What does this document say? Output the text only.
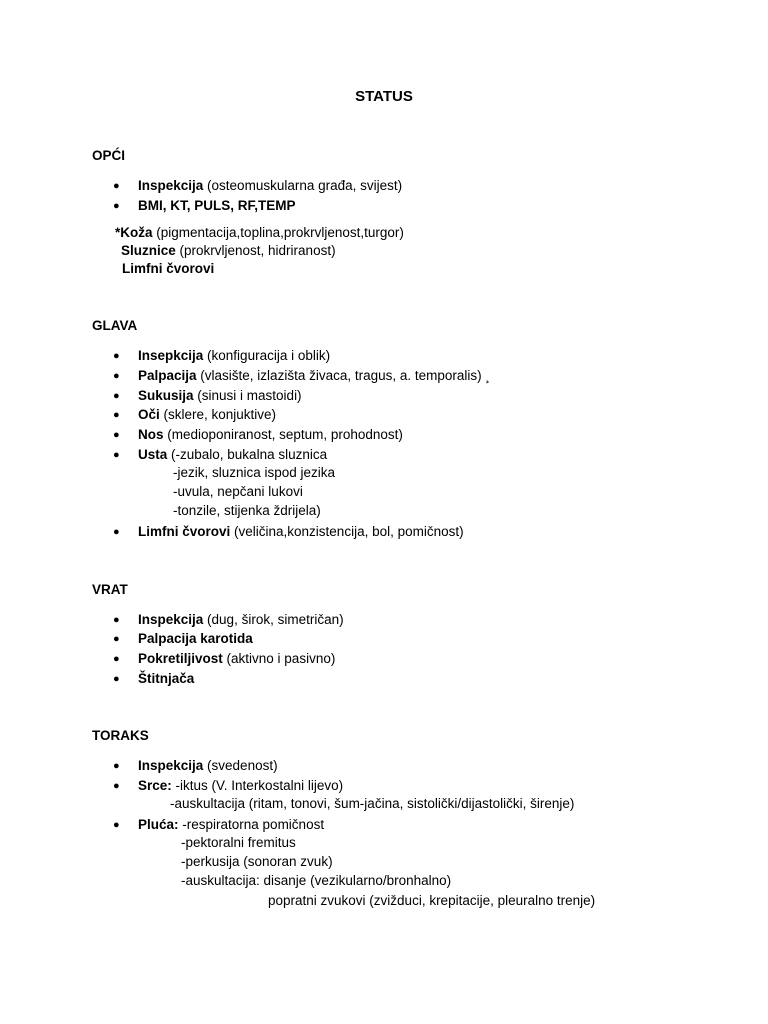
STATUS
OPĆI
● Inspekcija (osteomuskularna građa, svijest)
● BMI, KT, PULS, RF,TEMP
*Koža (pigmentacija,toplina,prokrvljenost,turgor)
Sluznice (prokrvljenost, hidriranost)
Limfni čvorovi
GLAVA
● Insepkcija (konfiguracija i oblik)
● Palpacija (vlasište, izlazišta živaca, tragus, a. temporalis) ¸
● Sukusija (sinusi i mastoidi)
● Oči (sklere, konjuktive)
● Nos (medioponiranost, septum, prohodnost)
● Usta (-zubalo, bukalna sluznica
-jezik, sluznica ispod jezika
-uvula, nepčani lukovi
-tonzile, stijenka ždrijela)
● Limfni čvorovi (veličina,konzistencija, bol, pomičnost)
VRAT
● Inspekcija (dug, širok, simetričan)
● Palpacija karotida
● Pokretiljivost (aktivno i pasivno)
● Štitnjača
TORAKS
● Inspekcija (svedenost)
● Srce: -iktus (V. Interkostalni lijevo)
-auskultacija (ritam, tonovi, šum-jačina, sistolički/dijastolički, širenje)
● Pluća: -respiratorna pomičnost
-pektoralni fremitus
-perkusija (sonoran zvuk)
-auskultacija: disanje (vezikularno/bronhalno)
popratni zvukovi (zvižduci, krepitacije, pleuralno trenje)
